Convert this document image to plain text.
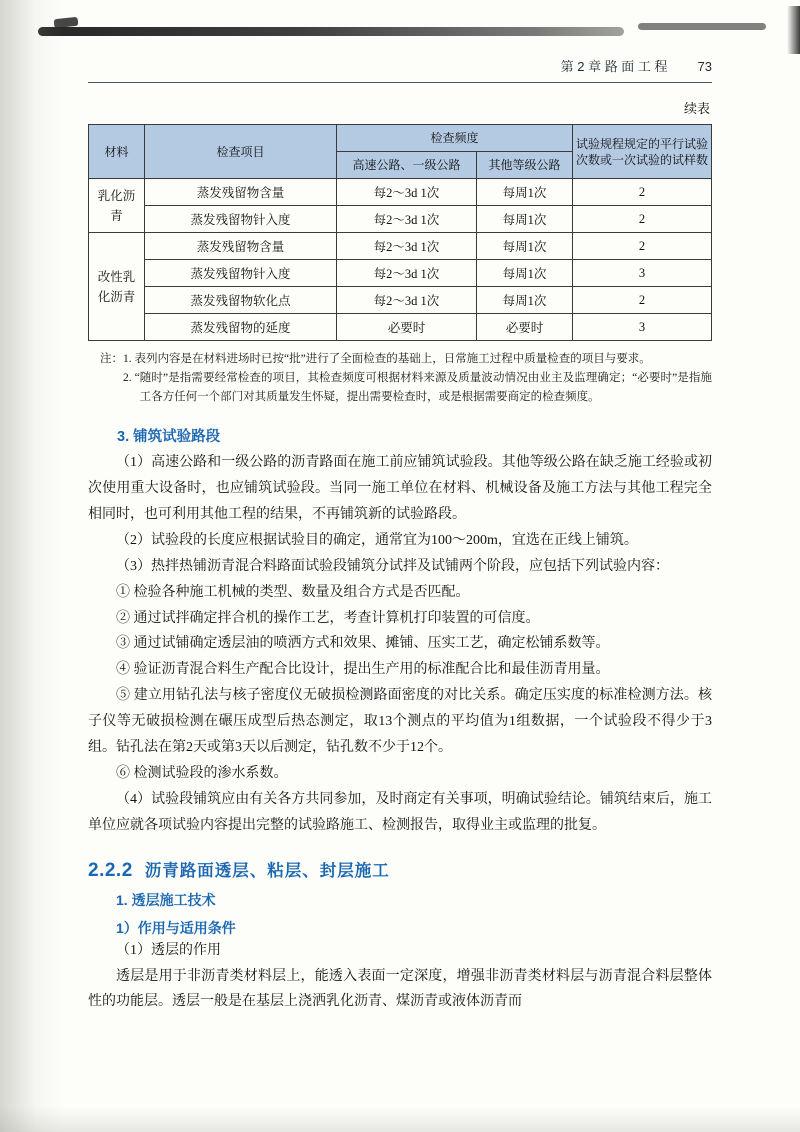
第 2 章 路 面 工 程 73
续表
材料	检查项目	检查频度		试验规程规定的平行试验次数或一次试验的试样数
		高速公路、一级公路	其他等级公路	
乳化沥青	蒸发残留物含量	每2～3d 1次	每周1次	2
	蒸发残留物针入度	每2～3d 1次	每周1次	2
改性乳化沥青	蒸发残留物含量	每2～3d 1次	每周1次	2
	蒸发残留物针入度	每2～3d 1次	每周1次	3
	蒸发残留物软化点	每2～3d 1次	每周1次	2
	蒸发残留物的延度	必要时	必要时	3
注： 1. 表列内容是在材料进场时已按“批”进行了全面检查的基础上，日常施工过程中质量检查的项目与要求。
2. “随时”是指需要经常检查的项目，其检查频度可根据材料来源及质量波动情况由业主及监理确定；“必要时”是指施工各方任何一个部门对其质量发生怀疑，提出需要检查时，或是根据需要商定的检查频度。
3. 铺筑试验路段
（1）高速公路和一级公路的沥青路面在施工前应铺筑试验段。其他等级公路在缺乏施工经验或初次使用重大设备时，也应铺筑试验段。当同一施工单位在材料、机械设备及施工方法与其他工程完全相同时，也可利用其他工程的结果，不再铺筑新的试验路段。
（2）试验段的长度应根据试验目的确定，通常宜为100～200m，宜选在正线上铺筑。
（3）热拌热铺沥青混合料路面试验段铺筑分试拌及试铺两个阶段，应包括下列试验内容：
① 检验各种施工机械的类型、数量及组合方式是否匹配。
② 通过试拌确定拌合机的操作工艺，考查计算机打印装置的可信度。
③ 通过试铺确定透层油的喷洒方式和效果、摊铺、压实工艺，确定松铺系数等。
④ 验证沥青混合料生产配合比设计，提出生产用的标准配合比和最佳沥青用量。
⑤ 建立用钻孔法与核子密度仪无破损检测路面密度的对比关系。确定压实度的标准检测方法。核子仪等无破损检测在碾压成型后热态测定，取13个测点的平均值为1组数据，一个试验段不得少于3组。钻孔法在第2天或第3天以后测定，钻孔数不少于12个。
⑥ 检测试验段的渗水系数。
（4）试验段铺筑应由有关各方共同参加，及时商定有关事项，明确试验结论。铺筑结束后，施工单位应就各项试验内容提出完整的试验路施工、检测报告，取得业主或监理的批复。
2.2.2 沥青路面透层、粘层、封层施工
1. 透层施工技术
1）作用与适用条件
（1）透层的作用
透层是用于非沥青类材料层上，能透入表面一定深度，增强非沥青类材料层与沥青混合料层整体性的功能层。透层一般是在基层上浇洒乳化沥青、煤沥青或液体沥青而
